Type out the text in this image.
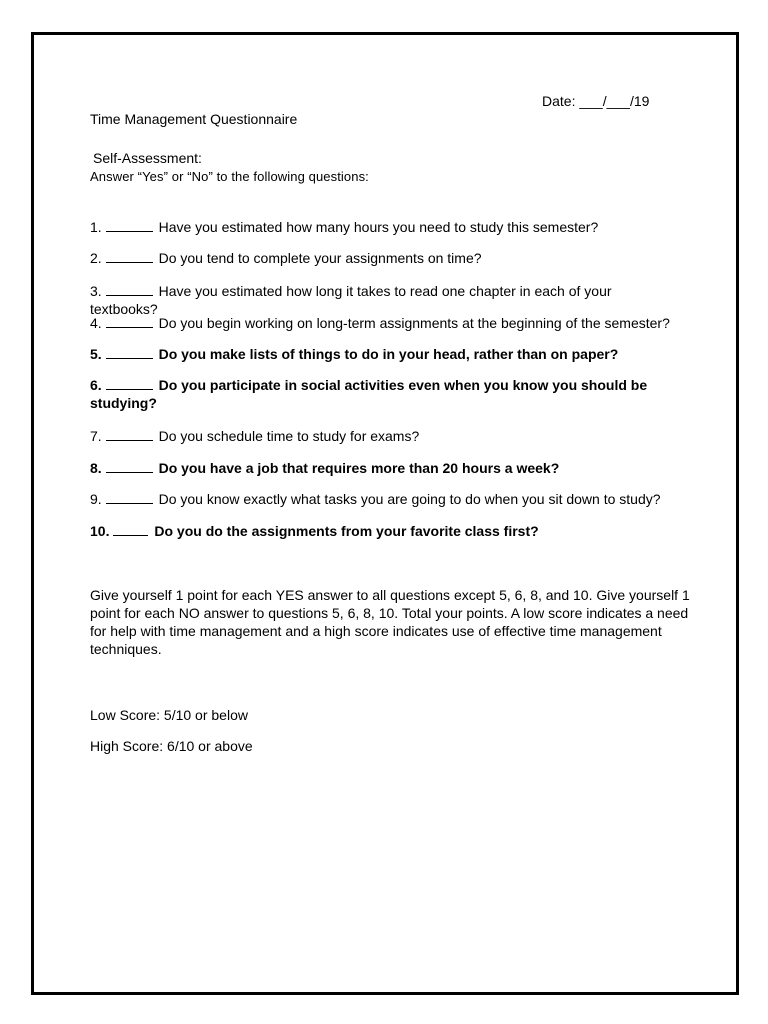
Date: ___/___/19
Time Management Questionnaire
Self-Assessment:
Answer “Yes” or “No” to the following questions:
1.	Have you estimated how many hours you need to study this semester?
2.	Do you tend to complete your assignments on time?
3.	Have you estimated how long it takes to read one chapter in each of your textbooks?
4.	Do you begin working on long-term assignments at the beginning of the semester?
5.	Do you make lists of things to do in your head, rather than on paper?
6.	Do you participate in social activities even when you know you should be studying?
7.	Do you schedule time to study for exams?
8.	Do you have a job that requires more than 20 hours a week?
9.	Do you know exactly what tasks you are going to do when you sit down to study?
10.	Do you do the assignments from your favorite class first?
Give yourself 1 point for each YES answer to all questions except 5, 6, 8, and 10. Give yourself 1 point for each NO answer to questions 5, 6, 8, 10. Total your points. A low score indicates a need for help with time management and a high score indicates use of effective time management techniques.
Low Score: 5/10 or below
High Score: 6/10 or above
